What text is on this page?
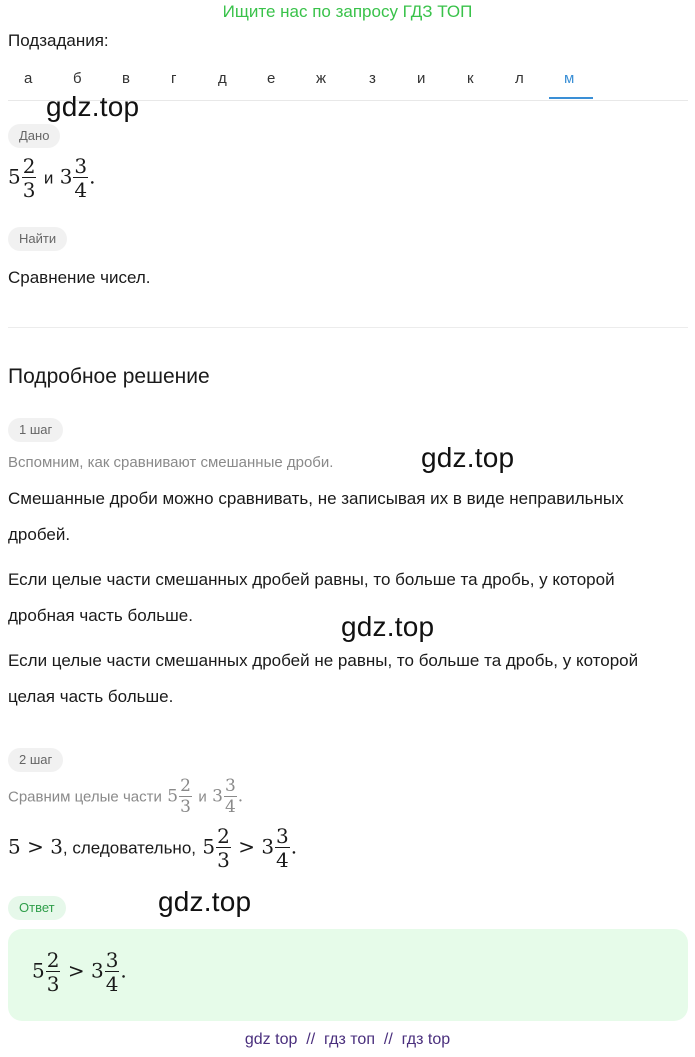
Ищите нас по запросу ГДЗ ТОП
Подзадания:
а	б	в	г	д	е	ж	з	и	к	л	м
gdz.top
gdz.top
gdz.top
gdz.top
Дано
$5 \frac{2}{3}$ и $3 \frac{3}{4}$ .
Найти
Сравнение чисел.
Подробное решение
1 шаг
Вспомним, как сравнивают смешанные дроби.
Смешанные дроби можно сравнивать, не записывая их в виде неправильных
дробей.
Если целые части смешанных дробей равны, то больше та дробь, у которой
дробная часть больше.
Если целые части смешанных дробей не равны, то больше та дробь, у которой
целая часть больше.
2 шаг
Сравним целые части $5 \frac{2}{3}$ и $3 \frac{3}{4}$ .
5 > 3, следовательно, $5 \frac{2}{3} > 3 \frac{3}{4}$ .
Ответ
$5 \frac{2}{3} > 3 \frac{3}{4}$ .
gdz top  //  гдз топ  //  гдз top
